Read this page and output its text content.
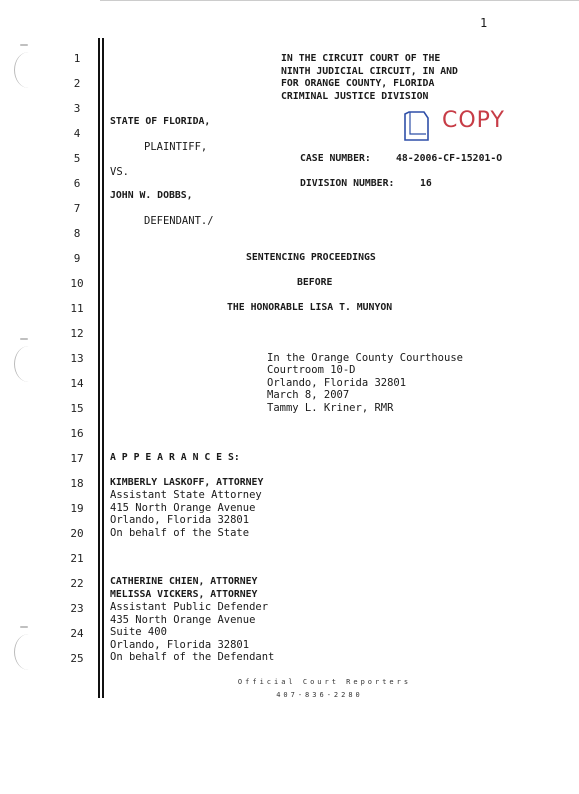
1
1
2
3
4
5
6
7
8
9
10
11
12
13
14
15
16
17
18
19
20
21
22
23
24
25
IN THE CIRCUIT COURT OF THE
NINTH JUDICIAL CIRCUIT, IN AND
FOR ORANGE COUNTY, FLORIDA
CRIMINAL JUSTICE DIVISION
COPY
STATE OF FLORIDA,
PLAINTIFF,
CASE NUMBER:	48-2006-CF-15201-O
VS.
DIVISION NUMBER:	16
JOHN W. DOBBS,
DEFENDANT./
SENTENCING PROCEEDINGS
BEFORE
THE HONORABLE LISA T. MUNYON
In the Orange County Courthouse
Courtroom 10-D
Orlando, Florida 32801
March 8, 2007
Tammy L. Kriner, RMR
A P P E A R A N C E S:
KIMBERLY LASKOFF, ATTORNEY
Assistant State Attorney
415 North Orange Avenue
Orlando, Florida 32801
On behalf of the State
CATHERINE CHIEN, ATTORNEY
MELISSA VICKERS, ATTORNEY
Assistant Public Defender
435 North Orange Avenue
Suite 400
Orlando, Florida 32801
On behalf of the Defendant
Official Court Reporters
407-836-2280
